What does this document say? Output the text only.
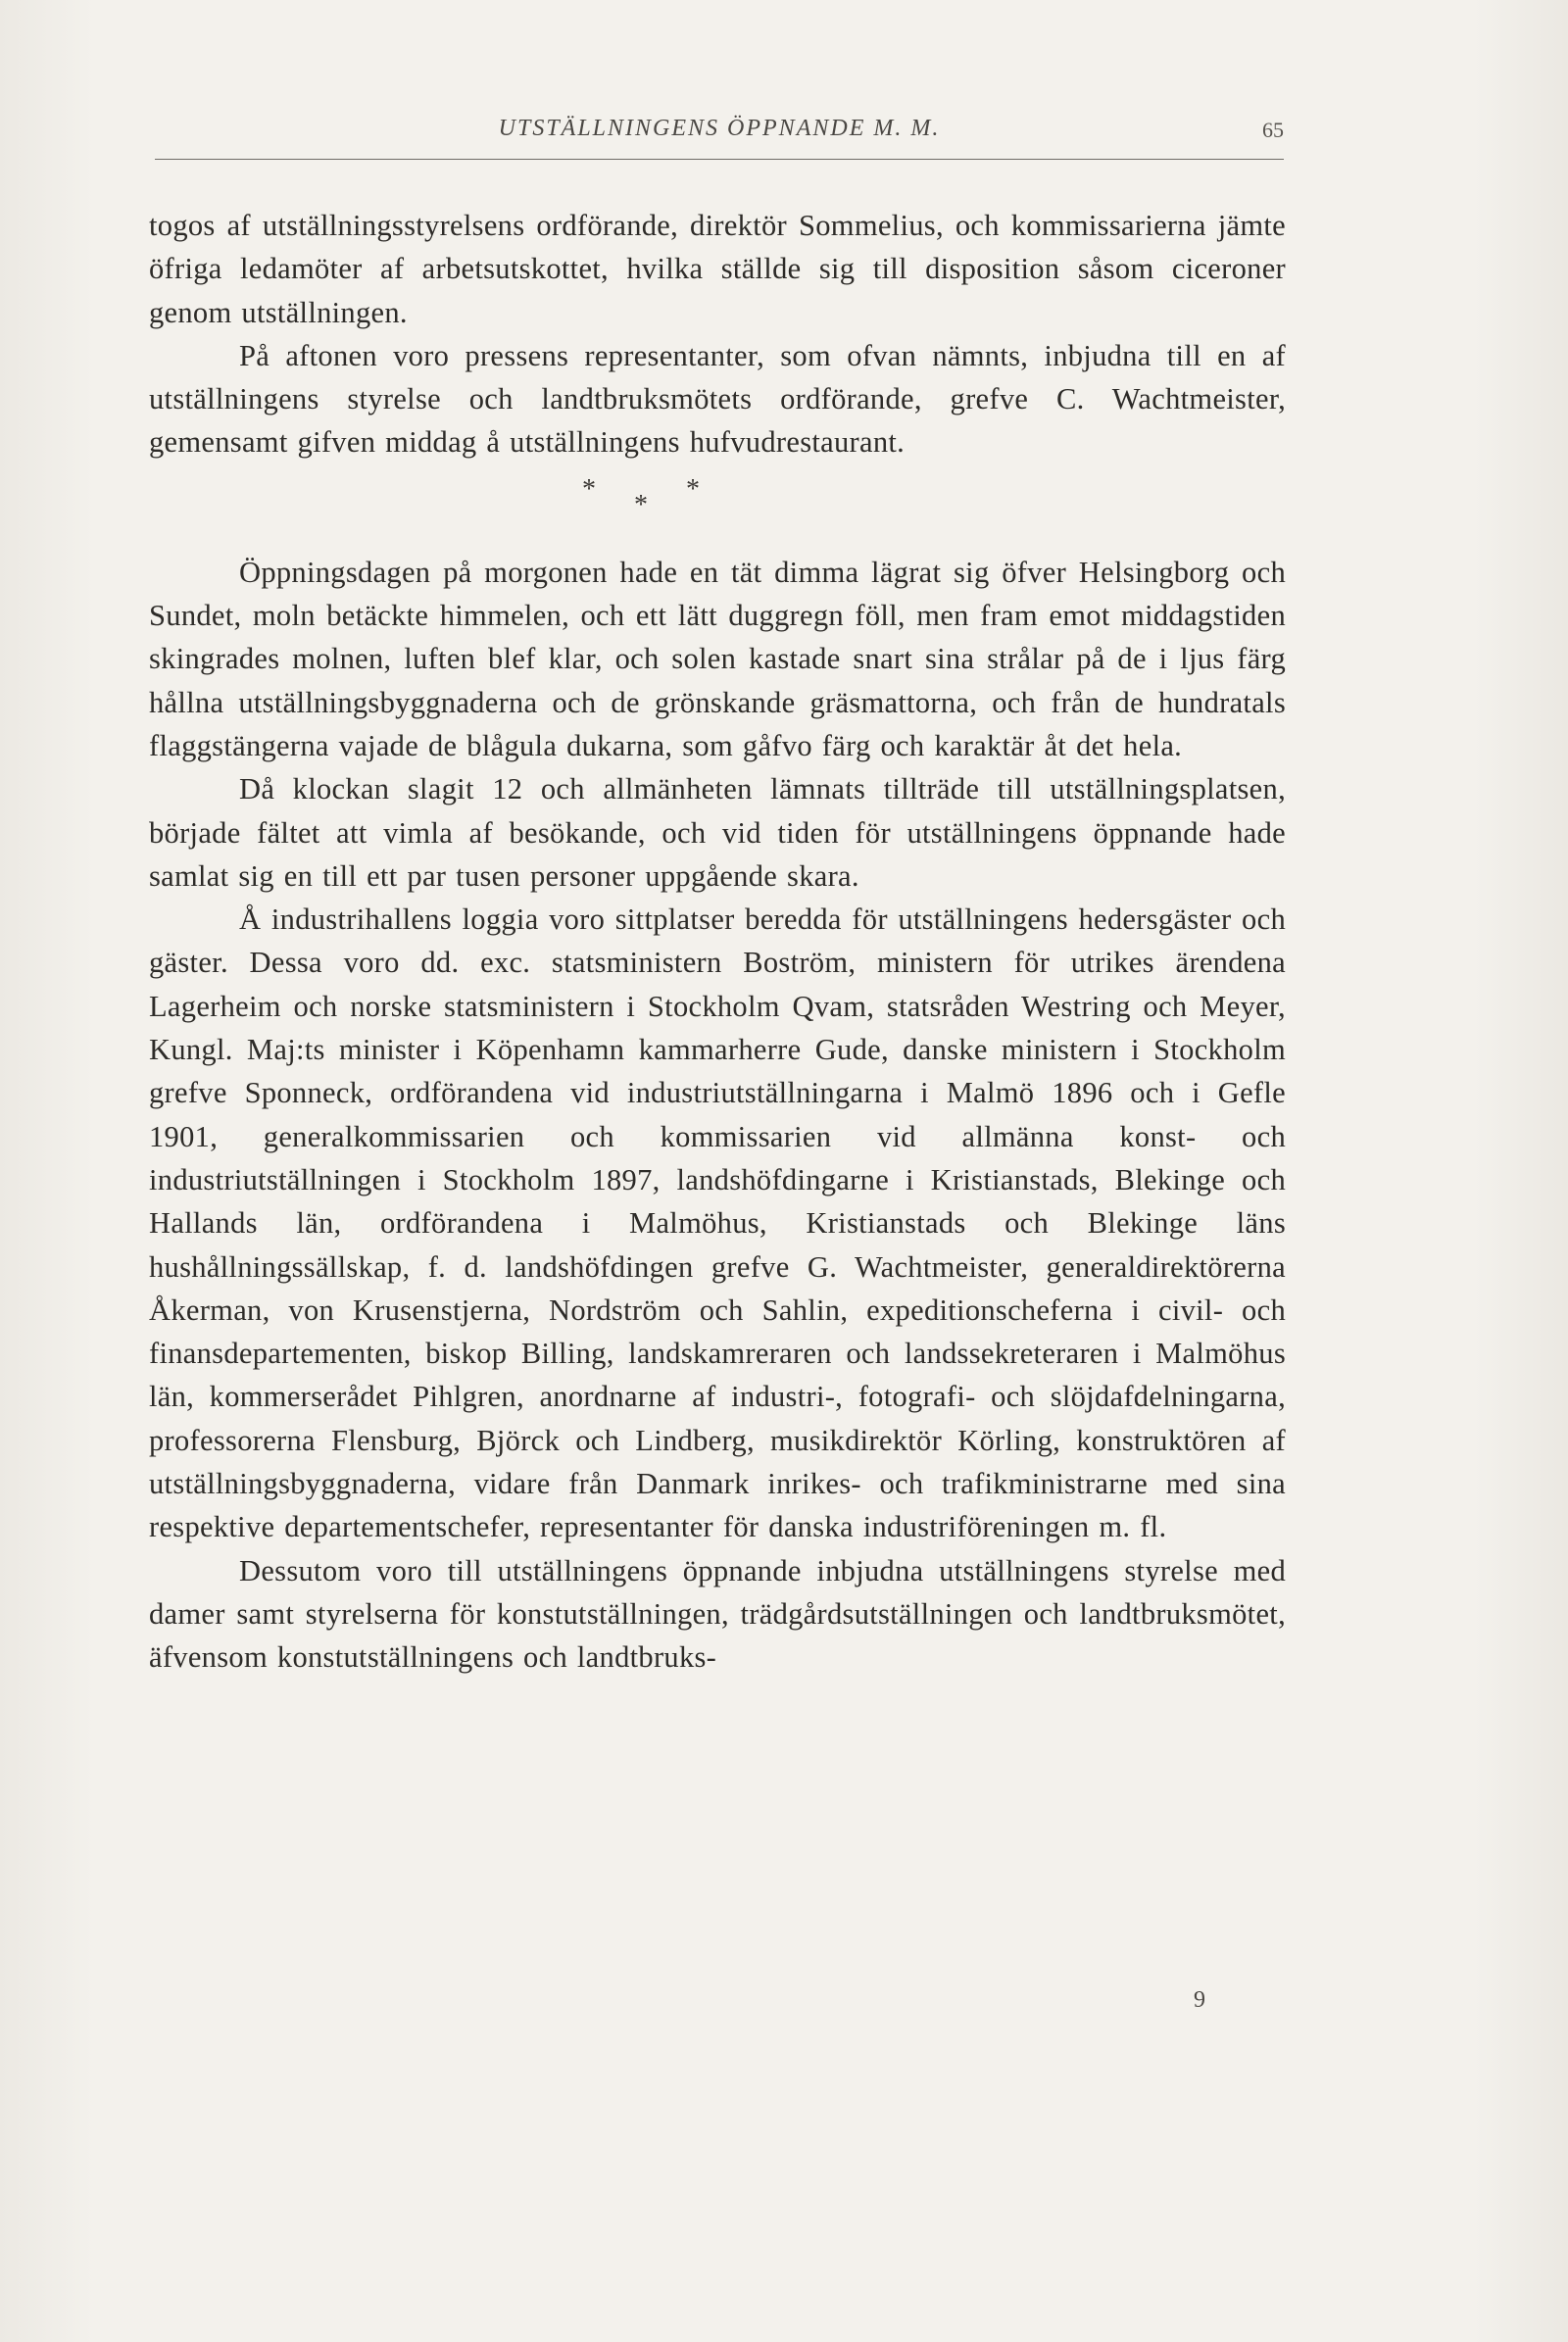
UTSTÄLLNINGENS ÖPPNANDE M. M.	65

togos af utställningsstyrelsens ordförande, direktör Sommelius, och kommissarierna jämte öfriga ledamöter af arbetsutskottet, hvilka ställde sig till disposition såsom ciceroner genom utställningen.

På aftonen voro pressens representanter, som ofvan nämnts, inbjudna till en af utställningens styrelse och landtbruksmötets ordförande, grefve C. Wachtmeister, gemensamt gifven middag å utställningens hufvudrestaurant.

*	*
*

Öppningsdagen på morgonen hade en tät dimma lägrat sig öfver Helsingborg och Sundet, moln betäckte himmelen, och ett lätt duggregn föll, men fram emot middagstiden skingrades molnen, luften blef klar, och solen kastade snart sina strålar på de i ljus färg hållna utställningsbyggnaderna och de grönskande gräsmattorna, och från de hundratals flaggstängerna vajade de blågula dukarna, som gåfvo färg och karaktär åt det hela.

Då klockan slagit 12 och allmänheten lämnats tillträde till utställningsplatsen, började fältet att vimla af besökande, och vid tiden för utställningens öppnande hade samlat sig en till ett par tusen personer uppgående skara.

Å industrihallens loggia voro sittplatser beredda för utställningens hedersgäster och gäster. Dessa voro dd. exc. statsministern Boström, ministern för utrikes ärendena Lagerheim och norske statsministern i Stockholm Qvam, statsråden Westring och Meyer, Kungl. Maj:ts minister i Köpenhamn kammarherre Gude, danske ministern i Stockholm grefve Sponneck, ordförandena vid industriutställningarna i Malmö 1896 och i Gefle 1901, generalkommissarien och kommissarien vid allmänna konst- och industriutställningen i Stockholm 1897, landshöfdingarne i Kristianstads, Blekinge och Hallands län, ordförandena i Malmöhus, Kristianstads och Blekinge läns hushållningssällskap, f. d. landshöfdingen grefve G. Wachtmeister, generaldirektörerna Åkerman, von Krusenstjerna, Nordström och Sahlin, expeditionscheferna i civil- och finansdepartementen, biskop Billing, landskamreraren och landssekreteraren i Malmöhus län, kommerserådet Pihlgren, anordnarne af industri-, fotografi- och slöjdafdelningarna, professorerna Flensburg, Björck och Lindberg, musikdirektör Körling, konstruktören af utställningsbyggnaderna, vidare från Danmark inrikes- och trafikministrarne med sina respektive departementschefer, representanter för danska industriföreningen m. fl.

Dessutom voro till utställningens öppnande inbjudna utställningens styrelse med damer samt styrelserna för konstutställningen, trädgårdsutställningen och landtbruksmötet, äfvensom konstutställningens och landtbruks-

9
